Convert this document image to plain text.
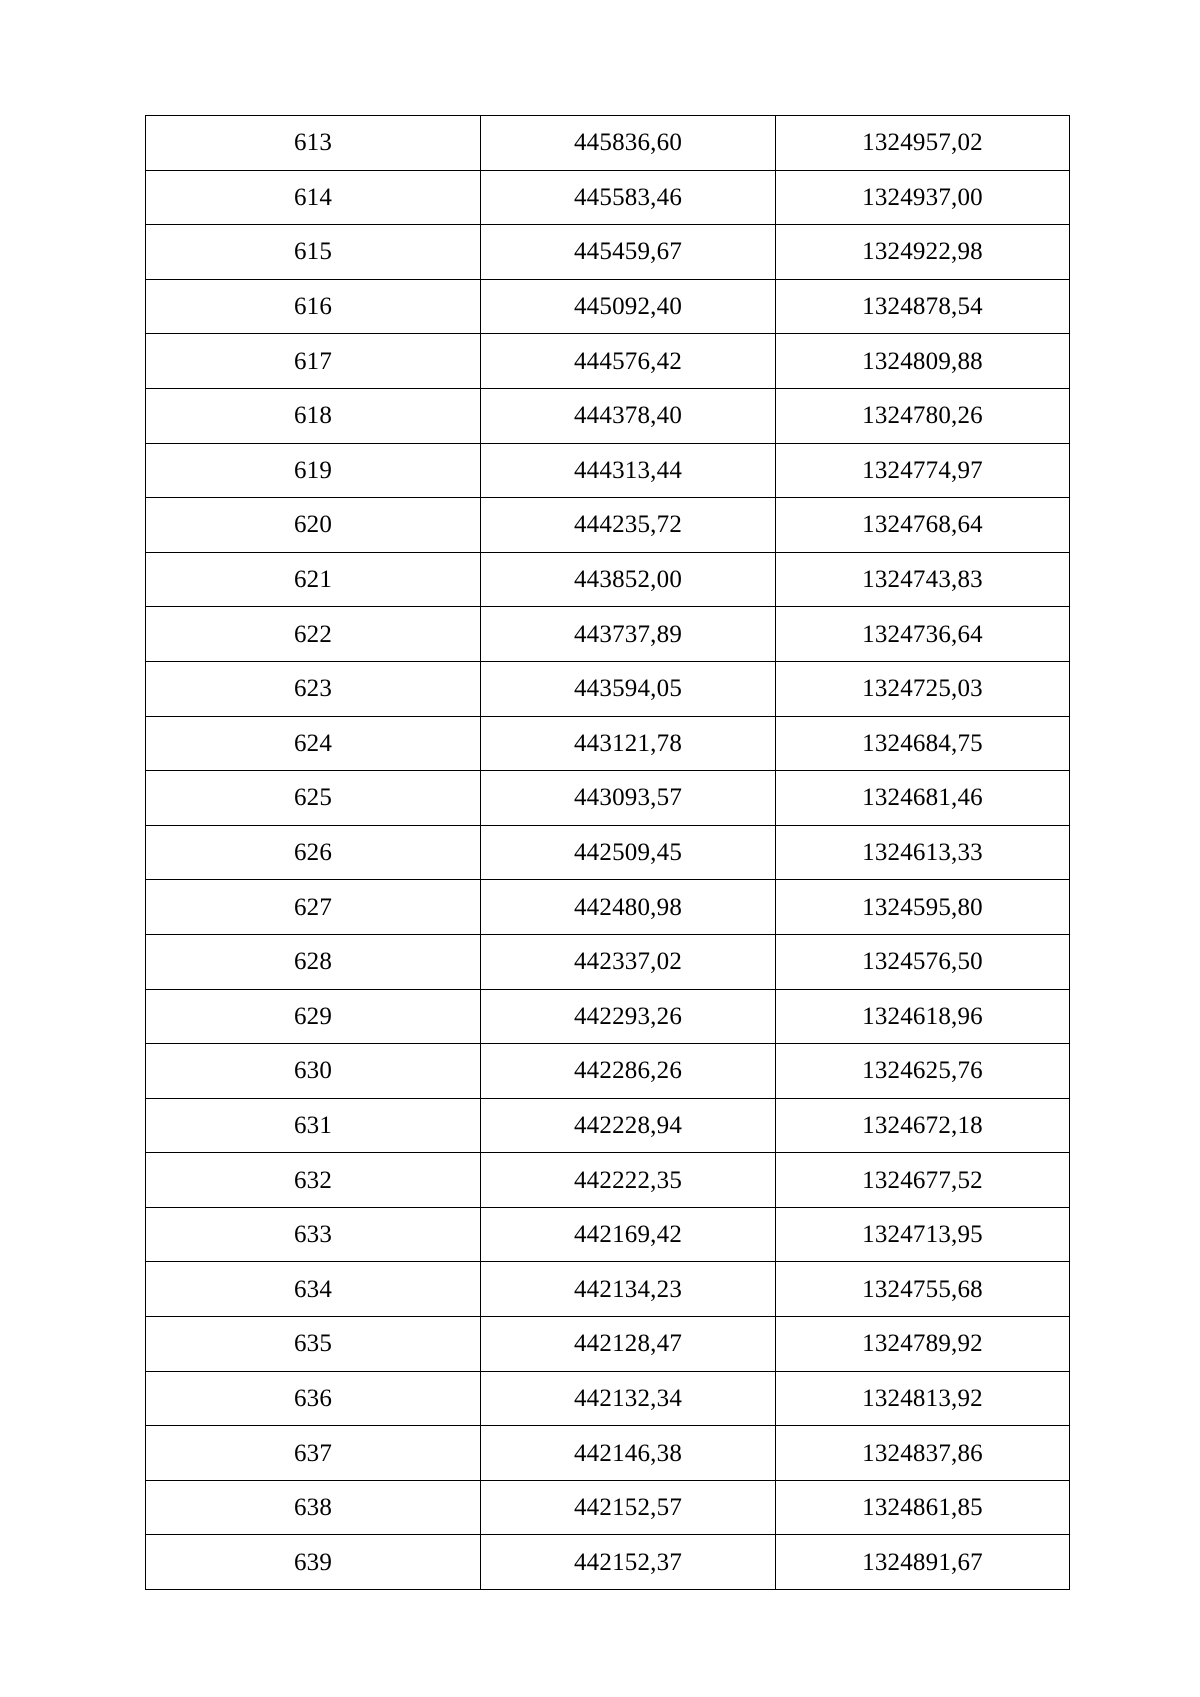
613	445836,60	1324957,02
614	445583,46	1324937,00
615	445459,67	1324922,98
616	445092,40	1324878,54
617	444576,42	1324809,88
618	444378,40	1324780,26
619	444313,44	1324774,97
620	444235,72	1324768,64
621	443852,00	1324743,83
622	443737,89	1324736,64
623	443594,05	1324725,03
624	443121,78	1324684,75
625	443093,57	1324681,46
626	442509,45	1324613,33
627	442480,98	1324595,80
628	442337,02	1324576,50
629	442293,26	1324618,96
630	442286,26	1324625,76
631	442228,94	1324672,18
632	442222,35	1324677,52
633	442169,42	1324713,95
634	442134,23	1324755,68
635	442128,47	1324789,92
636	442132,34	1324813,92
637	442146,38	1324837,86
638	442152,57	1324861,85
639	442152,37	1324891,67
